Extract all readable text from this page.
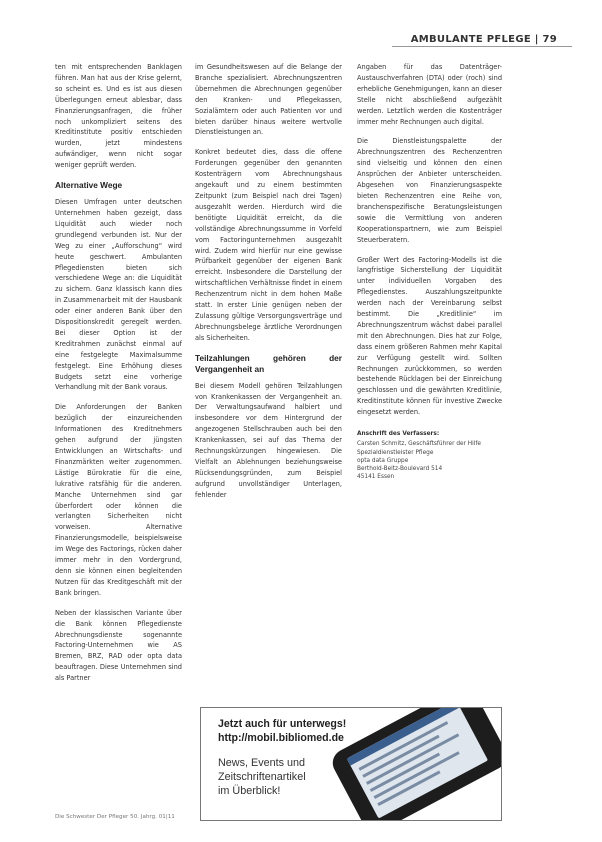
AMBULANTE PFLEGE | 79

ten mit entsprechenden Banklagen führen. Man hat aus der Krise gelernt, so scheint es. Und es ist aus diesen Überlegungen erneut ablesbar, dass Finanzierungsanfragen, die früher noch unkompliziert seitens des Kreditinstitute positiv entschieden wurden, jetzt mindestens aufwändiger, wenn nicht sogar weniger geprüft werden.

Alternative Wege

Diesen Umfragen unter deutschen Unternehmen haben gezeigt, dass Liquidität auch wieder noch grundlegend verbunden ist. Nur der Weg zu einer „Aufforschung“ wird heute geschwert. Ambulanten Pflegediensten bieten sich verschiedene Wege an: die Liquidität zu sichern. Ganz klassisch kann dies in Zusammenarbeit mit der Hausbank oder einer anderen Bank über den Dispositionskredit geregelt werden. Bei dieser Option ist der Kreditrahmen zunächst einmal auf eine festgelegte Maximalsumme festgelegt. Eine Erhöhung dieses Budgets setzt eine vorherige Verhandlung mit der Bank voraus.

Die Anforderungen der Banken bezüglich der einzureichenden Informationen des Kreditnehmers gehen aufgrund der jüngsten Entwicklungen an Wirtschafts- und Finanzmärkten weiter zugenommen. Lästige Bürokratie für die eine, lukrative ratsfähig für die anderen. Manche Unternehmen sind gar überfordert oder können die verlangten Sicherheiten nicht vorweisen. Alternative Finanzierungsmodelle, beispielsweise im Wege des Factorings, rücken daher immer mehr in den Vordergrund, denn sie können einen begleitenden Nutzen für das Kreditgeschäft mit der Bank bringen.

Neben der klassischen Variante über die Bank können Pflegedienste Abrechnungsdienste sogenannte Factoring-Unternehmen wie AS Bremen, BRZ, RAD oder opta data beauftragen. Diese Unternehmen sind als Partner

im Gesundheitswesen auf die Belange der Branche spezialisiert. Abrechnungszentren übernehmen die Abrechnungen gegenüber den Kranken- und Pflegekassen, Sozialämtern oder auch Patienten vor und bieten darüber hinaus weitere wertvolle Dienstleistungen an.

Konkret bedeutet dies, dass die offene Forderungen gegenüber den genannten Kostenträgern vom Abrechnungshaus angekauft und zu einem bestimmten Zeitpunkt (zum Beispiel nach drei Tagen) ausgezahlt werden. Hierdurch wird die benötigte Liquidität erreicht, da die vollständige Abrechnungssumme in Vorfeld vom Factoringunternehmen ausgezahlt wird. Zudem wird hierfür nur eine gewisse Prüfbarkeit gegenüber der eigenen Bank erreicht. Insbesondere die Darstellung der wirtschaftlichen Verhältnisse findet in einem Rechenzentrum nicht in dem hohen Maße statt. In erster Linie genügen neben der Zulassung gültige Versorgungsverträge und Abrechnungsbelege ärztliche Verordnungen als Sicherheiten.

Teilzahlungen gehören der Vergangenheit an

Bei diesem Modell gehören Teilzahlungen von Krankenkassen der Vergangenheit an. Der Verwaltungsaufwand halbiert und insbesondere vor dem Hintergrund der angezogenen Stellschrauben auch bei den Krankenkassen, sei auf das Thema der Rechnungskürzungen hingewiesen. Die Vielfalt an Ablehnungen beziehungsweise Rücksendungsgründen, zum Beispiel aufgrund unvollständiger Unterlagen, fehlender

Angaben für das Datenträger-Austauschverfahren (DTA) oder (roch) sind erhebliche Genehmigungen, kann an dieser Stelle nicht abschließend aufgezählt werden. Letztlich werden die Kostenträger immer mehr Rechnungen auch digital.

Die Dienstleistungspalette der Abrechnungszentren des Rechenzentren sind vielseitig und können den einen Ansprüchen der Anbieter unterscheiden. Abgesehen von Finanzierungsaspekte bieten Rechenzentren eine Reihe von, branchenspezifische Beratungsleistungen sowie die Vermittlung von anderen Kooperationspartnern, wie zum Beispiel Steuerberatern.

Großer Wert des Factoring-Modells ist die langfristige Sicherstellung der Liquidität unter individuellen Vorgaben des Pflegedienstes. Auszahlungszeitpunkte werden nach der Vereinbarung selbst bestimmt. Die „Kreditlinie“ im Abrechnungszentrum wächst dabei parallel mit den Abrechnungen. Dies hat zur Folge, dass einem größeren Rahmen mehr Kapital zur Verfügung gestellt wird. Sollten Rechnungen zurückkommen, so werden bestehende Rücklagen bei der Einreichung geschlossen und die gewährten Kreditlinie, Kreditinstitute können für investive Zwecke eingesetzt werden.

Anschrift des Verfassers:
Carsten Schmitz, Geschäftsführer der Hilfe
Spezialdienstleister Pflege
opta data Gruppe
Berthold-Beitz-Boulevard 514
45141 Essen
Jetzt auch für unterwegs!
http://mobil.bibliomed.de
News, Events und
Zeitschriftenartikel
im Überblick!
Die Schwester Der Pfleger 50. Jahrg. 01|11
